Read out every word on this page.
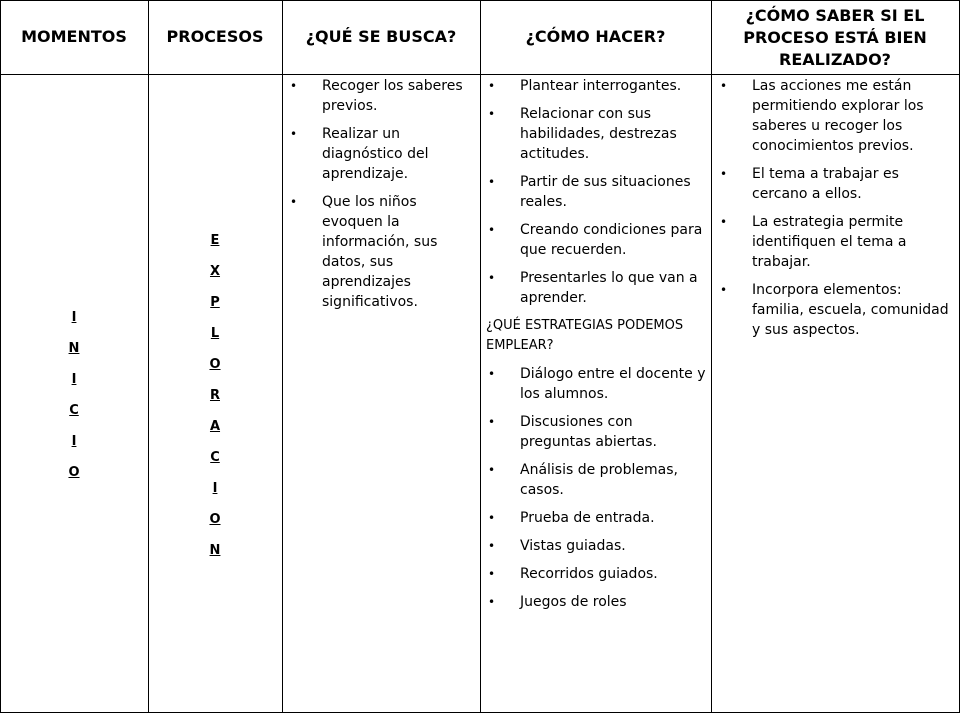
MOMENTOS PROCESOS	¿QUÉ SE BUSCA?	¿CÓMO HACER?
¿CÓMO SABER SI EL
PROCESO ESTÁ BIEN
REALIZADO?
I
N
I
C
I
O
E
X
P
L
O
R
A
C
I
O
N
• Recoger los saberes previos.
• Realizar un diagnóstico del aprendizaje.
• Que los niños evoquen la información, sus datos, sus aprendizajes significativos.
• Plantear interrogantes.
• Relacionar con sus habilidades, destrezas actitudes.
• Partir de sus situaciones reales.
• Creando condiciones para que recuerden.
• Presentarles lo que van a aprender.
¿QUÉ ESTRATEGIAS PODEMOS EMPLEAR?
• Diálogo entre el docente y los alumnos.
• Discusiones con preguntas abiertas.
• Análisis de problemas, casos.
• Prueba de entrada.
• Vistas guiadas.
• Recorridos guiados.
• Juegos de roles
• Las acciones me están permitiendo explorar los saberes u recoger los conocimientos previos.
• El tema a trabajar es cercano a ellos.
• La estrategia permite identifiquen el tema a trabajar.
• Incorpora elementos: familia, escuela, comunidad y sus aspectos.
